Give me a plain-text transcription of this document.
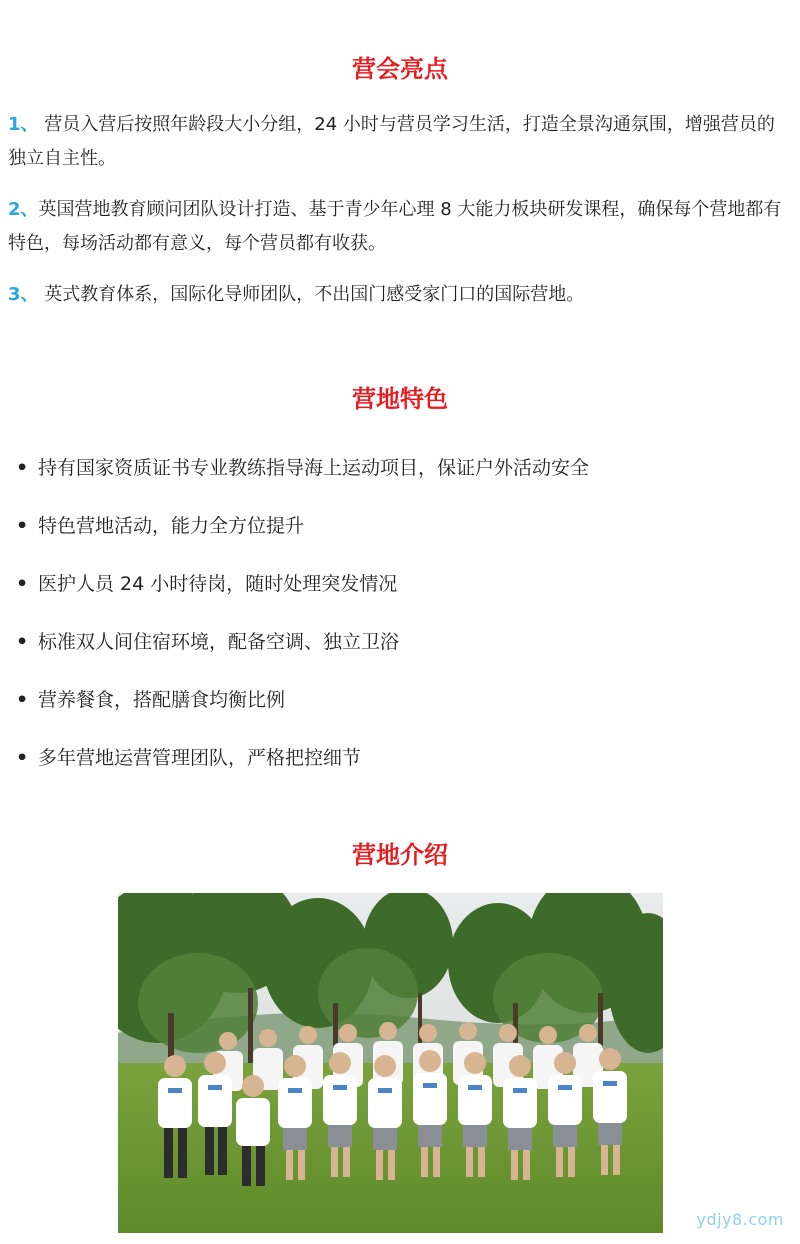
营会亮点

1、 营员入营后按照年龄段大小分组，24 小时与营员学习生活，打造全景沟通氛围，增强营员的独立自主性。

2、英国营地教育顾问团队设计打造、基于青少年心理 8 大能力板块研发课程，确保每个营地都有特色，每场活动都有意义，每个营员都有收获。

3、 英式教育体系，国际化导师团队，不出国门感受家门口的国际营地。

营地特色

• 持有国家资质证书专业教练指导海上运动项目，保证户外活动安全

• 特色营地活动，能力全方位提升

• 医护人员 24 小时待岗，随时处理突发情况

• 标准双人间住宿环境，配备空调、独立卫浴

• 营养餐食，搭配膳食均衡比例

• 多年营地运营管理团队，严格把控细节

营地介绍
ydjy8.com
